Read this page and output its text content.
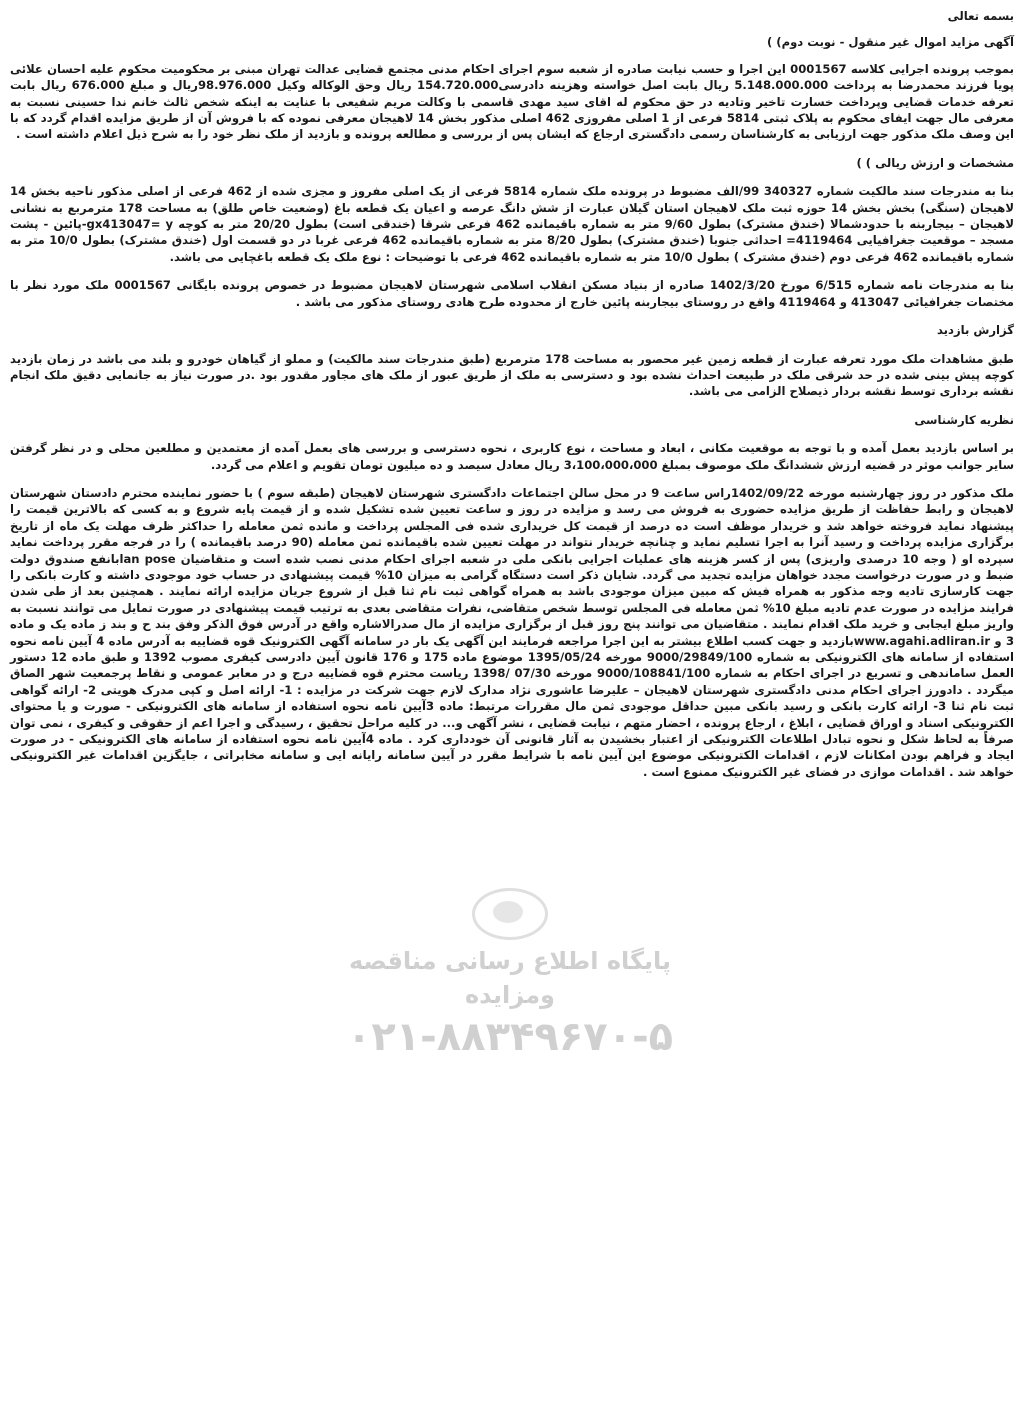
بسمه تعالی
آگهی مزاید اموال غیر منقول - نوبت دوم) )
بموجب پرونده اجرایی کلاسه 0001567 این اجرا و حسب نیابت صادره از شعبه سوم اجرای احکام مدنی مجتمع قضایی عدالت تهران مبنی بر محکومیت محکوم علیه احسان علائی پویا فرزند محمدرضا به پرداخت 5.148.000.000 ریال بابت اصل خواسته وهزینه دادرسی154.720.000 ریال وحق الوکاله وکیل 98.976.000ریال و مبلغ 676.000 ریال بابت تعرفه خدمات قضایی وپرداخت خسارت تاخیر وتادیه در حق محکوم له اقای سید مهدی قاسمی با وکالت مریم شفیعی با عنایت به اینکه شخص ثالث خانم ندا حسینی نسبت به معرفی مال جهت ایفای محکوم به پلاک ثبتی 5814 فرعی از 1 اصلی مفروزی 462 اصلی مذکور بخش 14 لاهیجان معرفی نموده که با فروش آن از طریق مزایده اقدام گردد که با این وصف ملک مذکور جهت ارزیابی به کارشناسان رسمی دادگستری ارجاع که ایشان پس از بررسی و مطالعه پرونده و بازدید از ملک نظر خود را به شرح ذیل اعلام داشته است .
مشخصات و ارزش ریالی ) )
بنا به مندرجات سند مالکیت شماره 340327 99/الف مضبوط در پرونده ملک شماره 5814 فرعی از یک اصلی مفروز و مجزی شده از 462 فرعی از اصلی مذکور ناحیه بخش 14 لاهیجان (سنگی) بخش بخش 14 حوزه ثبت ملک لاهیجان استان گیلان عبارت از شش دانگ عرصه و اعیان یک قطعه باغ (وضعیت خاص طلق) به مساحت 178 مترمربع به نشانی لاهیجان – بیجاربنه با حدودشمالا (خندق مشترک) بطول 9/60 متر به شماره باقیمانده 462 فرعی شرقا (خندقی است) بطول 20/20 متر به کوچه gx413047= y-پائین - پشت مسجد – موقعیت جغرافیایی 4119464= احداثی جنوبا (خندق مشترک) بطول 8/20 متر به شماره باقیمانده 462 فرعی غربا در دو قسمت اول (خندق مشترک) بطول 10/0 متر به شماره باقیمانده 462 فرعی دوم (خندق مشترک ) بطول 10/0 متر به شماره باقیمانده 462 فرعی با توضیحات : نوع ملک یک قطعه باغچایی می باشد.
بنا به مندرجات نامه شماره 6/515 مورخ 1402/3/20 صادره از بنیاد مسکن انقلاب اسلامی شهرستان لاهیجان مضبوط در خصوص پرونده بایگانی 0001567 ملک مورد نظر با مختصات جغرافیائی 413047 و 4119464 واقع در روستای بیجاربنه پائین خارج از محدوده طرح هادی روستای مذکور می باشد .
گزارش بازدید
طبق مشاهدات ملک مورد تعرفه عبارت از قطعه زمین غیر محصور به مساحت 178 مترمربع (طبق مندرجات سند مالکیت) و مملو از گیاهان خودرو و بلند می باشد در زمان بازدید کوچه پیش بینی شده در حد شرقی ملک در طبیعت احداث نشده بود و دسترسی به ملک از طریق عبور از ملک های مجاور مقدور بود .در صورت نیاز به جانمایی دقیق ملک انجام نقشه برداری توسط نقشه بردار ذیصلاح الزامی می باشد.
نظریه کارشناسی
بر اساس بازدید بعمل آمده و با توجه به موقعیت مکانی ، ابعاد و مساحت ، نوع کاربری ، نحوه دسترسی و بررسی های بعمل آمده از معتمدین و مطلعین محلی و در نظر گرفتن سایر جوانب موثر در قضیه ارزش ششدانگ ملک موصوف بمبلغ 3،100،000،000 ریال معادل سیصد و ده میلیون تومان تقویم و اعلام می گردد.
ملک مذکور در روز چهارشنبه مورخه 1402/09/22راس ساعت 9 در محل سالن اجتماعات دادگستری شهرستان لاهیجان (طبقه سوم ) با حضور نماینده محترم دادستان شهرستان لاهیجان و رابط حفاظت از طریق مزایده حضوری به فروش می رسد و مزایده در روز و ساعت تعیین شده تشکیل شده و از قیمت پایه شروع و به کسی که بالاترین قیمت را پیشنهاد نماید فروخته خواهد شد و خریدار موظف است ده درصد از قیمت کل خریداری شده فی المجلس پرداخت و مانده ثمن معامله را حداکثر ظرف مهلت یک ماه از تاریخ برگزاری مزایده پرداخت و رسید آنرا به اجرا تسلیم نماید و چنانچه خریدار نتواند در مهلت تعیین شده باقیمانده ثمن معامله (90 درصد باقیمانده ) را در فرجه مقرر پرداخت نماید سپرده او ( وجه 10 درصدی واریزی) پس از کسر هزینه های عملیات اجرایی بانکی ملی در شعبه اجرای احکام مدنی نصب شده است و متقاضیان lan poseبانفع صندوق دولت ضبط و در صورت درخواست مجدد خواهان مزایده تجدید می گردد. شایان ذکر است دستگاه گرامی به میزان 10% قیمت پیشنهادی در حساب خود موجودی داشته و کارت بانکی را جهت کارسازی تادیه وجه مذکور به همراه فیش که مبین میزان موجودی باشد به همراه گواهی ثبت نام ثنا قبل از شروع جریان مزایده ارائه نمایند . همچنین بعد از طی شدن فرایند مزایده در صورت عدم تادیه مبلغ 10% ثمن معامله فی المجلس توسط شخص متقاضی، نفرات متقاضی بعدی به ترتیب قیمت پیشنهادی در صورت تمایل می توانند نسبت به واریز مبلغ ایجابی و خرید ملک اقدام نمایند . متقاضیان می توانند پنج روز قبل از برگزاری مزایده از مال صدرالاشاره واقع در آدرس فوق الذکر وفق بند ح و بند ز ماده یک و ماده 3 و www.agahi.adliran.irبازدید و جهت کسب اطلاع بیشتر به این اجرا مراجعه فرمایند این آگهی یک بار در سامانه آگهی الکترونیک قوه قضاییه به آدرس ماده 4 آیین نامه نحوه استفاده از سامانه های الکترونیکی به شماره 9000/29849/100 مورخه 1395/05/24 موضوع ماده 175 و 176 قانون آیین دادرسی کیفری مصوب 1392 و طبق ماده 12 دستور العمل ساماندهی و تسریع در اجرای احکام به شماره 9000/108841/100 مورخه 07/30 /1398 ریاست محترم قوه قضاییه درج و در معابر عمومی و نقاط پرجمعیت شهر الصاق میگردد . دادورز اجرای احکام مدنی دادگستری شهرستان لاهیجان – علیرضا عاشوری نژاد مدارک لازم جهت شرکت در مزایده : 1- ارائه اصل و کپی مدرک هویتی 2- ارائه گواهی ثبت نام ثنا 3- ارائه کارت بانکی و رسید بانکی مبین حداقل موجودی ثمن مال مقررات مرتبط: ماده 3آیین نامه نحوه استفاده از سامانه های الکترونیکی - صورت و یا محتوای الکترونیکی اسناد و اوراق قضایی ، ابلاغ ، ارجاع پرونده ، احضار متهم ، نیابت قضایی ، نشر آگهی و... در کلیه مراحل تحقیق ، رسیدگی و اجرا اعم از حقوقی و کیفری ، نمی توان صرفاً به لحاظ شکل و نحوه تبادل اطلاعات الکترونیکی از اعتبار بخشیدن به آثار قانونی آن خودداری کرد . ماده 4آیین نامه نحوه استفاده از سامانه های الکترونیکی - در صورت ایجاد و فراهم بودن امکانات لازم ، اقدامات الکترونیکی موضوع این آیین نامه با شرایط مقرر در آیین سامانه رایانه ایی و سامانه مخابراتی ، جایگزین اقدامات غیر الکترونیکی خواهد شد . اقدامات موازی در فضای غیر الکترونیک ممنوع است .
پایگاه اطلاع رسانی مناقصه ومزایده
۰۲۱-۸۸۳۴۹۶۷۰-۵
